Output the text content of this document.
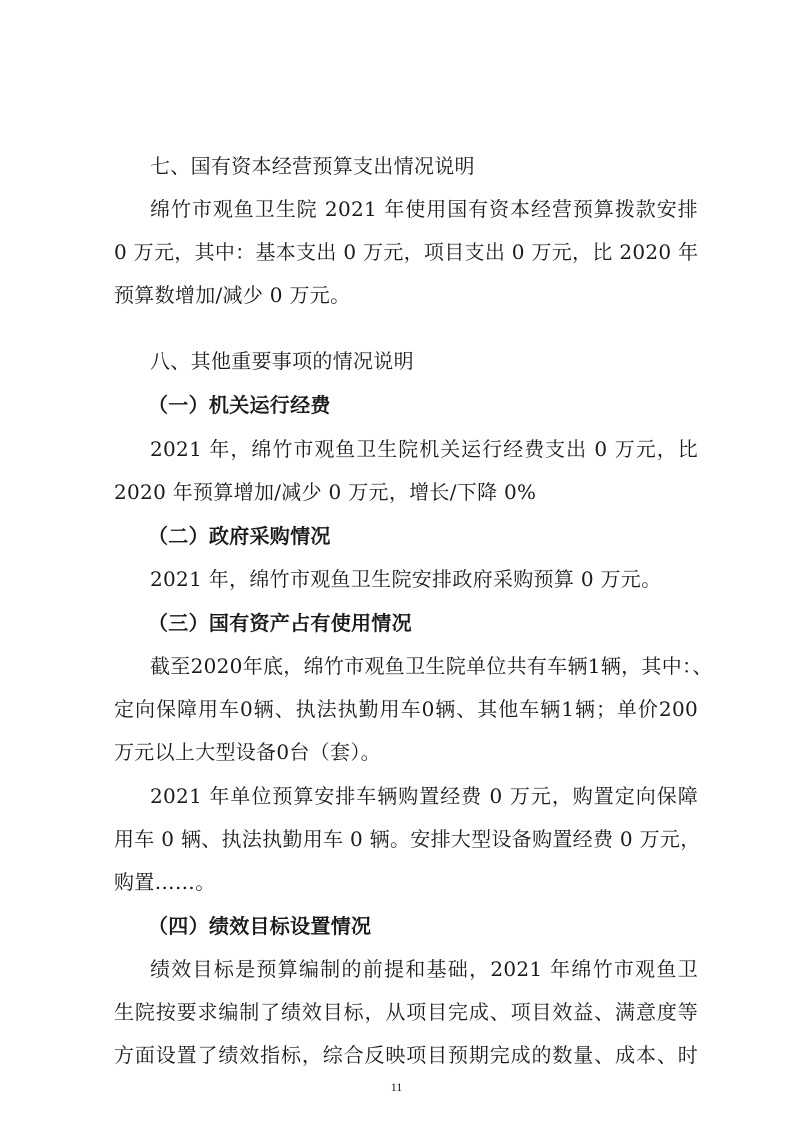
七、国有资本经营预算支出情况说明
绵竹市观鱼卫生院 2021 年使用国有资本经营预算拨款安排
0 万元，其中：基本支出 0 万元，项目支出 0 万元，比 2020 年
预算数增加/减少 0 万元。
八、其他重要事项的情况说明
（一）机关运行经费
2021 年，绵竹市观鱼卫生院机关运行经费支出 0 万元，比
2020 年预算增加/减少 0 万元，增长/下降 0%
（二）政府采购情况
2021 年，绵竹市观鱼卫生院安排政府采购预算 0 万元。
（三）国有资产占有使用情况
截至2020年底，绵竹市观鱼卫生院单位共有车辆1辆，其中：、
定向保障用车0辆、执法执勤用车0辆、其他车辆1辆；单价200
万元以上大型设备0台（套）。
2021 年单位预算安排车辆购置经费 0 万元，购置定向保障
用车 0 辆、执法执勤用车 0 辆。安排大型设备购置经费 0 万元，
购置……。
（四）绩效目标设置情况
绩效目标是预算编制的前提和基础，2021 年绵竹市观鱼卫
生院按要求编制了绩效目标，从项目完成、项目效益、满意度等
方面设置了绩效指标，综合反映项目预期完成的数量、成本、时
11
